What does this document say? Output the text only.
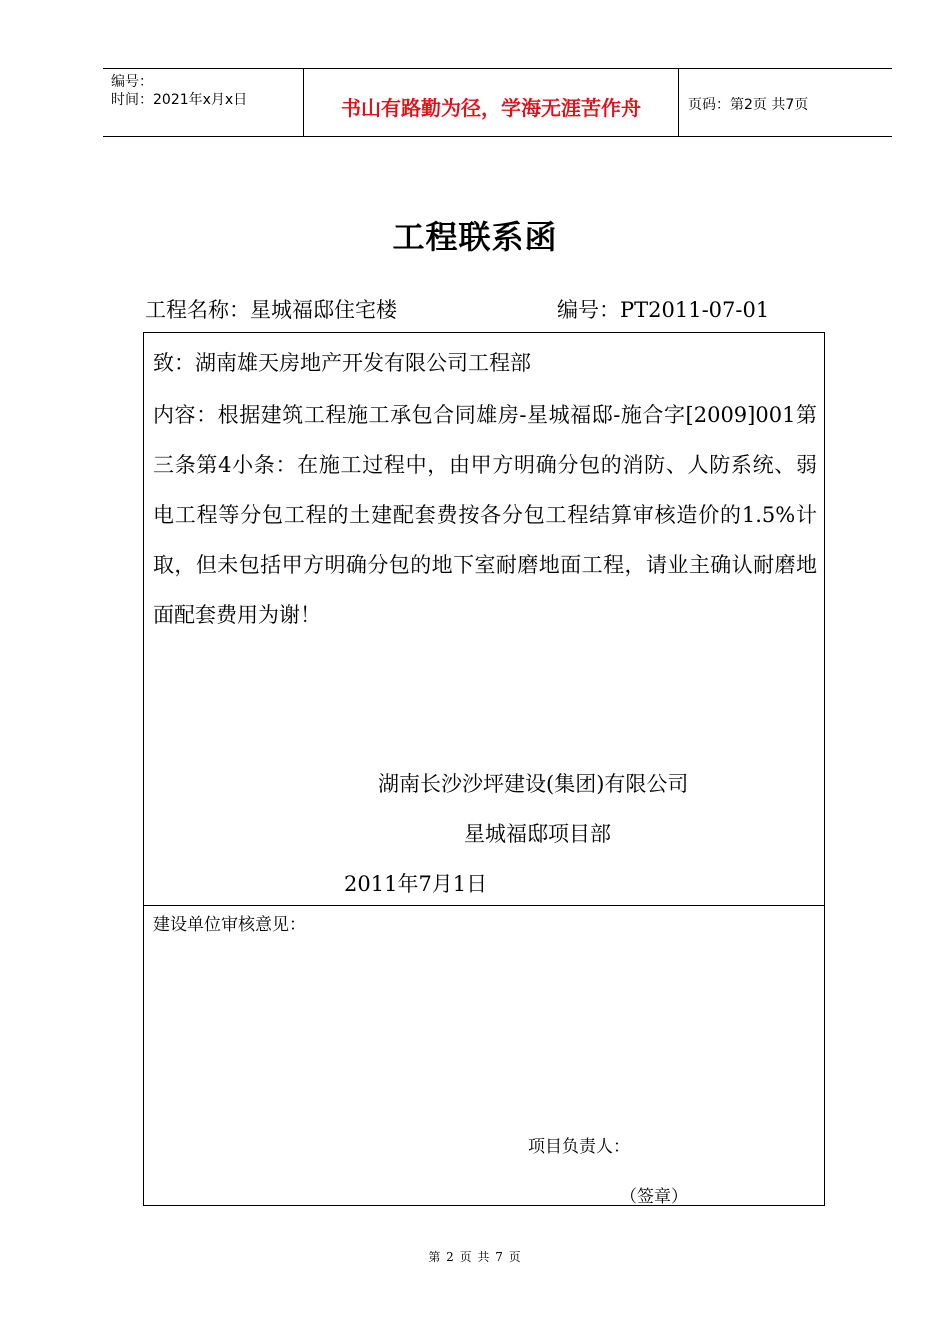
编号：
时间：2021年x月x日	书山有路勤为径，学海无涯苦作舟	页码：第2页 共7页
工程联系函
工程名称：星城福邸住宅楼	编号：PT2011-07-01
致：湖南雄天房地产开发有限公司工程部
内容：根据建筑工程施工承包合同雄房-星城福邸-施合字[2009]001第三条第4小条：在施工过程中，由甲方明确分包的消防、人防系统、弱电工程等分包工程的土建配套费按各分包工程结算审核造价的1.5%计取，但未包括甲方明确分包的地下室耐磨地面工程，请业主确认耐磨地面配套费用为谢！
湖南长沙沙坪建设(集团)有限公司
星城福邸项目部
2011年7月1日
建设单位审核意见：
项目负责人：
（签章）
第 2 页 共 7 页
